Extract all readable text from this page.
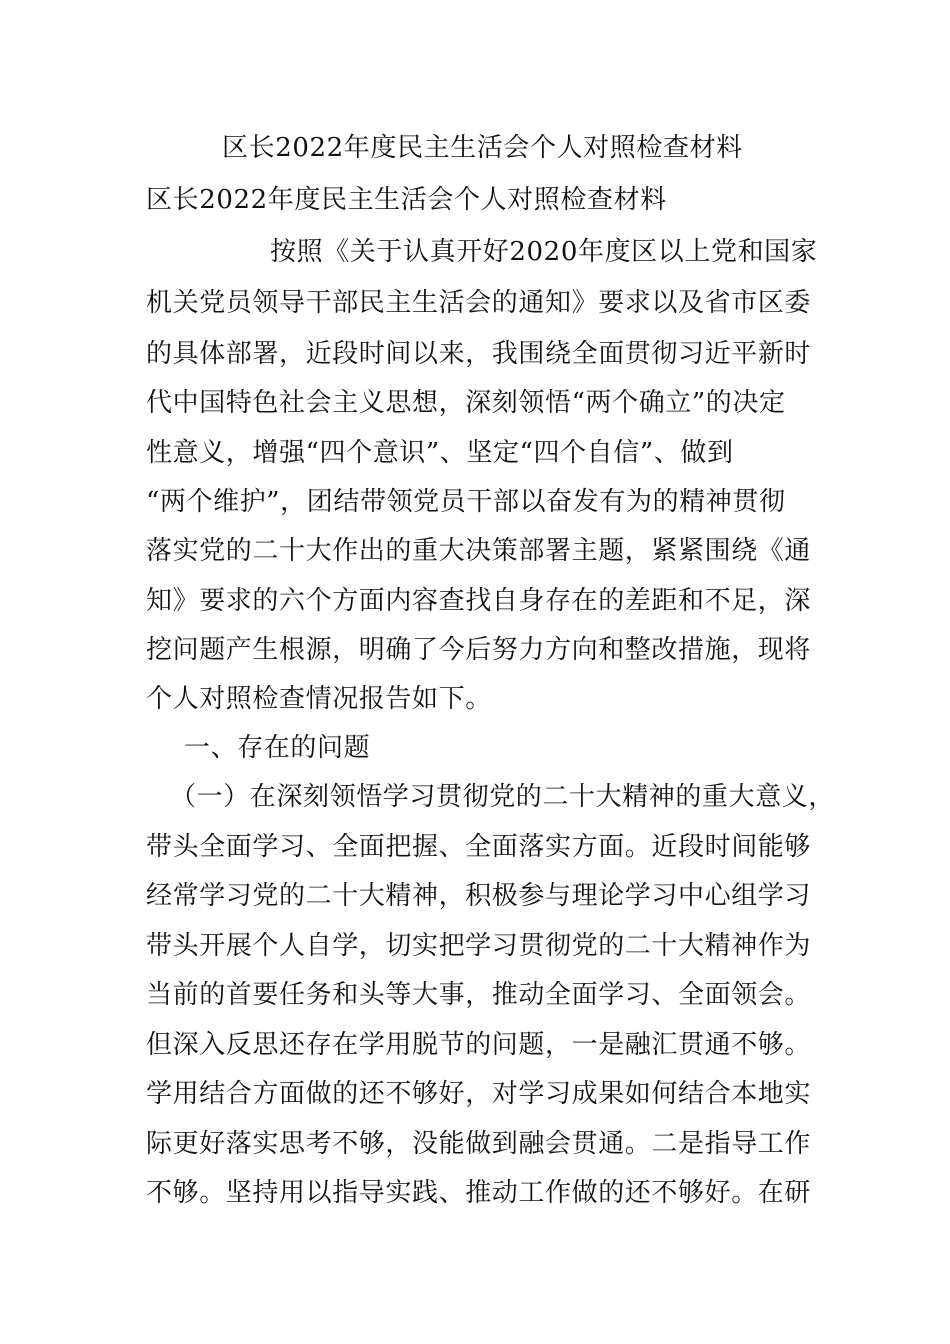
区长2022年度民主生活会个人对照检查材料
区长2022年度民主生活会个人对照检查材料
按照《关于认真开好2020年度区以上党和国家
机关党员领导干部民主生活会的通知》要求以及省市区委
的具体部署，近段时间以来，我围绕全面贯彻习近平新时
代中国特色社会主义思想，深刻领悟“两个确立”的决定
性意义，增强“四个意识”、坚定“四个自信”、做到
“两个维护”，团结带领党员干部以奋发有为的精神贯彻
落实党的二十大作出的重大决策部署主题，紧紧围绕《通
知》要求的六个方面内容查找自身存在的差距和不足，深
挖问题产生根源，明确了今后努力方向和整改措施，现将
个人对照检查情况报告如下。
一、存在的问题
（一）在深刻领悟学习贯彻党的二十大精神的重大意义，
带头全面学习、全面把握、全面落实方面。近段时间能够
经常学习党的二十大精神，积极参与理论学习中心组学习
带头开展个人自学，切实把学习贯彻党的二十大精神作为
当前的首要任务和头等大事，推动全面学习、全面领会。
但深入反思还存在学用脱节的问题，一是融汇贯通不够。
学用结合方面做的还不够好，对学习成果如何结合本地实
际更好落实思考不够，没能做到融会贯通。二是指导工作
不够。坚持用以指导实践、推动工作做的还不够好。在研
